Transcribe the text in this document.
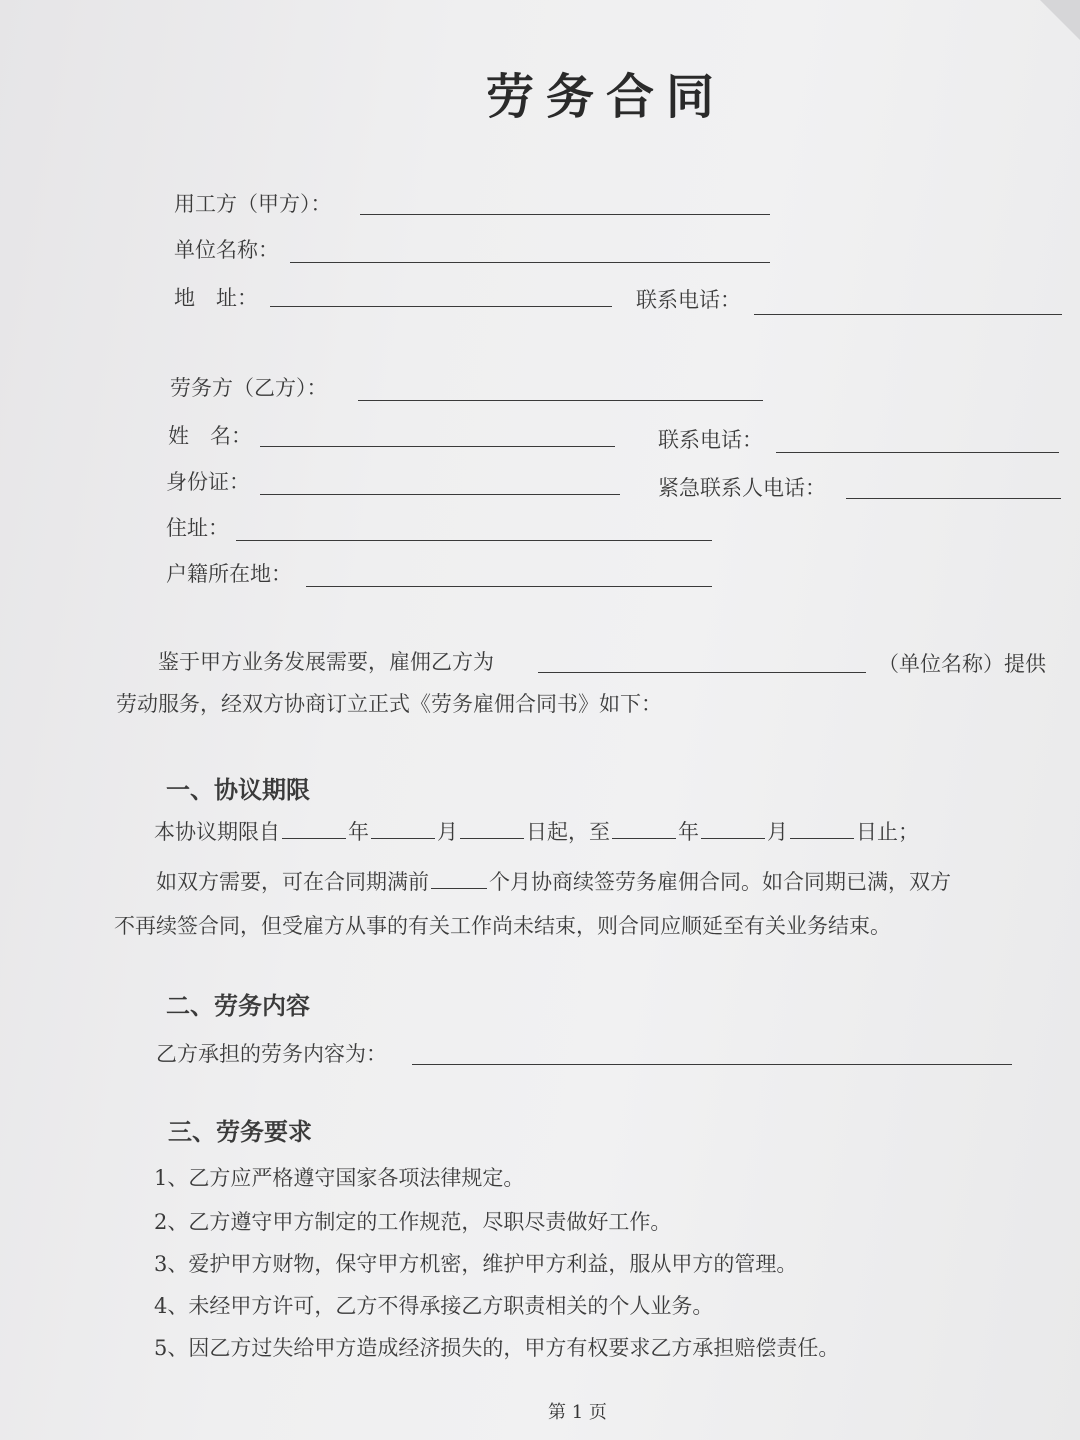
劳务合同
用工方（甲方）：
单位名称：
地　址：	联系电话：
劳务方（乙方）：
姓　名：	联系电话：
身份证：	紧急联系人电话：
住址：
户籍所在地：
鉴于甲方业务发展需要，雇佣乙方为	（单位名称）提供
劳动服务，经双方协商订立正式《劳务雇佣合同书》如下：
一、协议期限
本协议期限自	年	月	日起，至	年	月	日止；
如双方需要，可在合同期满前	个月协商续签劳务雇佣合同。如合同期已满，双方
不再续签合同，但受雇方从事的有关工作尚未结束，则合同应顺延至有关业务结束。
二、劳务内容
乙方承担的劳务内容为：
三、劳务要求
1、乙方应严格遵守国家各项法律规定。
2、乙方遵守甲方制定的工作规范，尽职尽责做好工作。
3、爱护甲方财物，保守甲方机密，维护甲方利益，服从甲方的管理。
4、未经甲方许可，乙方不得承接乙方职责相关的个人业务。
5、因乙方过失给甲方造成经济损失的，甲方有权要求乙方承担赔偿责任。
第 1 页
